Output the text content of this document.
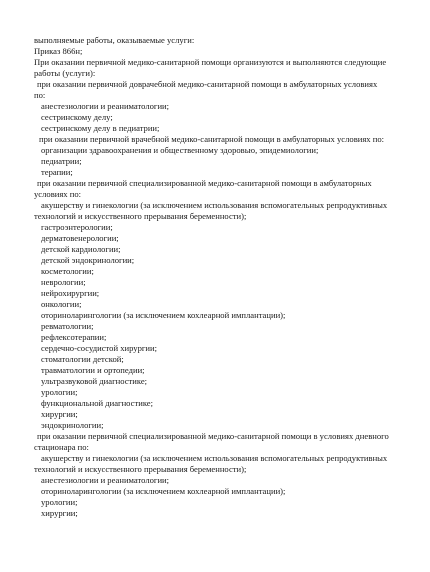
выполняемые работы, оказываемые услуги:
Приказ 866н;
При оказании первичной медико-санитарной помощи организуются и выполняются следующие
работы (услуги):
при оказании первичной доврачебной медико-санитарной помощи в амбулаторных условиях
по:
анестезиологии и реаниматологии;
сестринскому делу;
сестринскому делу в педиатрии;
при оказании первичной врачебной медико-санитарной помощи в амбулаторных условиях по:
организации здравоохранения и общественному здоровью, эпидемиологии;
педиатрии;
терапии;
при оказании первичной специализированной медико-санитарной помощи в амбулаторных
условиях по:
акушерству и гинекологии (за исключением использования вспомогательных репродуктивных
технологий и искусственного прерывания беременности);
гастроэнтерологии;
дерматовенерологии;
детской кардиологии;
детской эндокринологии;
косметологии;
неврологии;
нейрохирургии;
онкологии;
оториноларингологии (за исключением кохлеарной имплантации);
ревматологии;
рефлексотерапии;
сердечно-сосудистой хирургии;
стоматологии детской;
травматологии и ортопедии;
ультразвуковой диагностике;
урологии;
функциональной диагностике;
хирургии;
эндокринологии;
при оказании первичной специализированной медико-санитарной помощи в условиях дневного
стационара по:
акушерству и гинекологии (за исключением использования вспомогательных репродуктивных
технологий и искусственного прерывания беременности);
анестезиологии и реаниматологии;
оториноларингологии (за исключением кохлеарной имплантации);
урологии;
хирургии;
